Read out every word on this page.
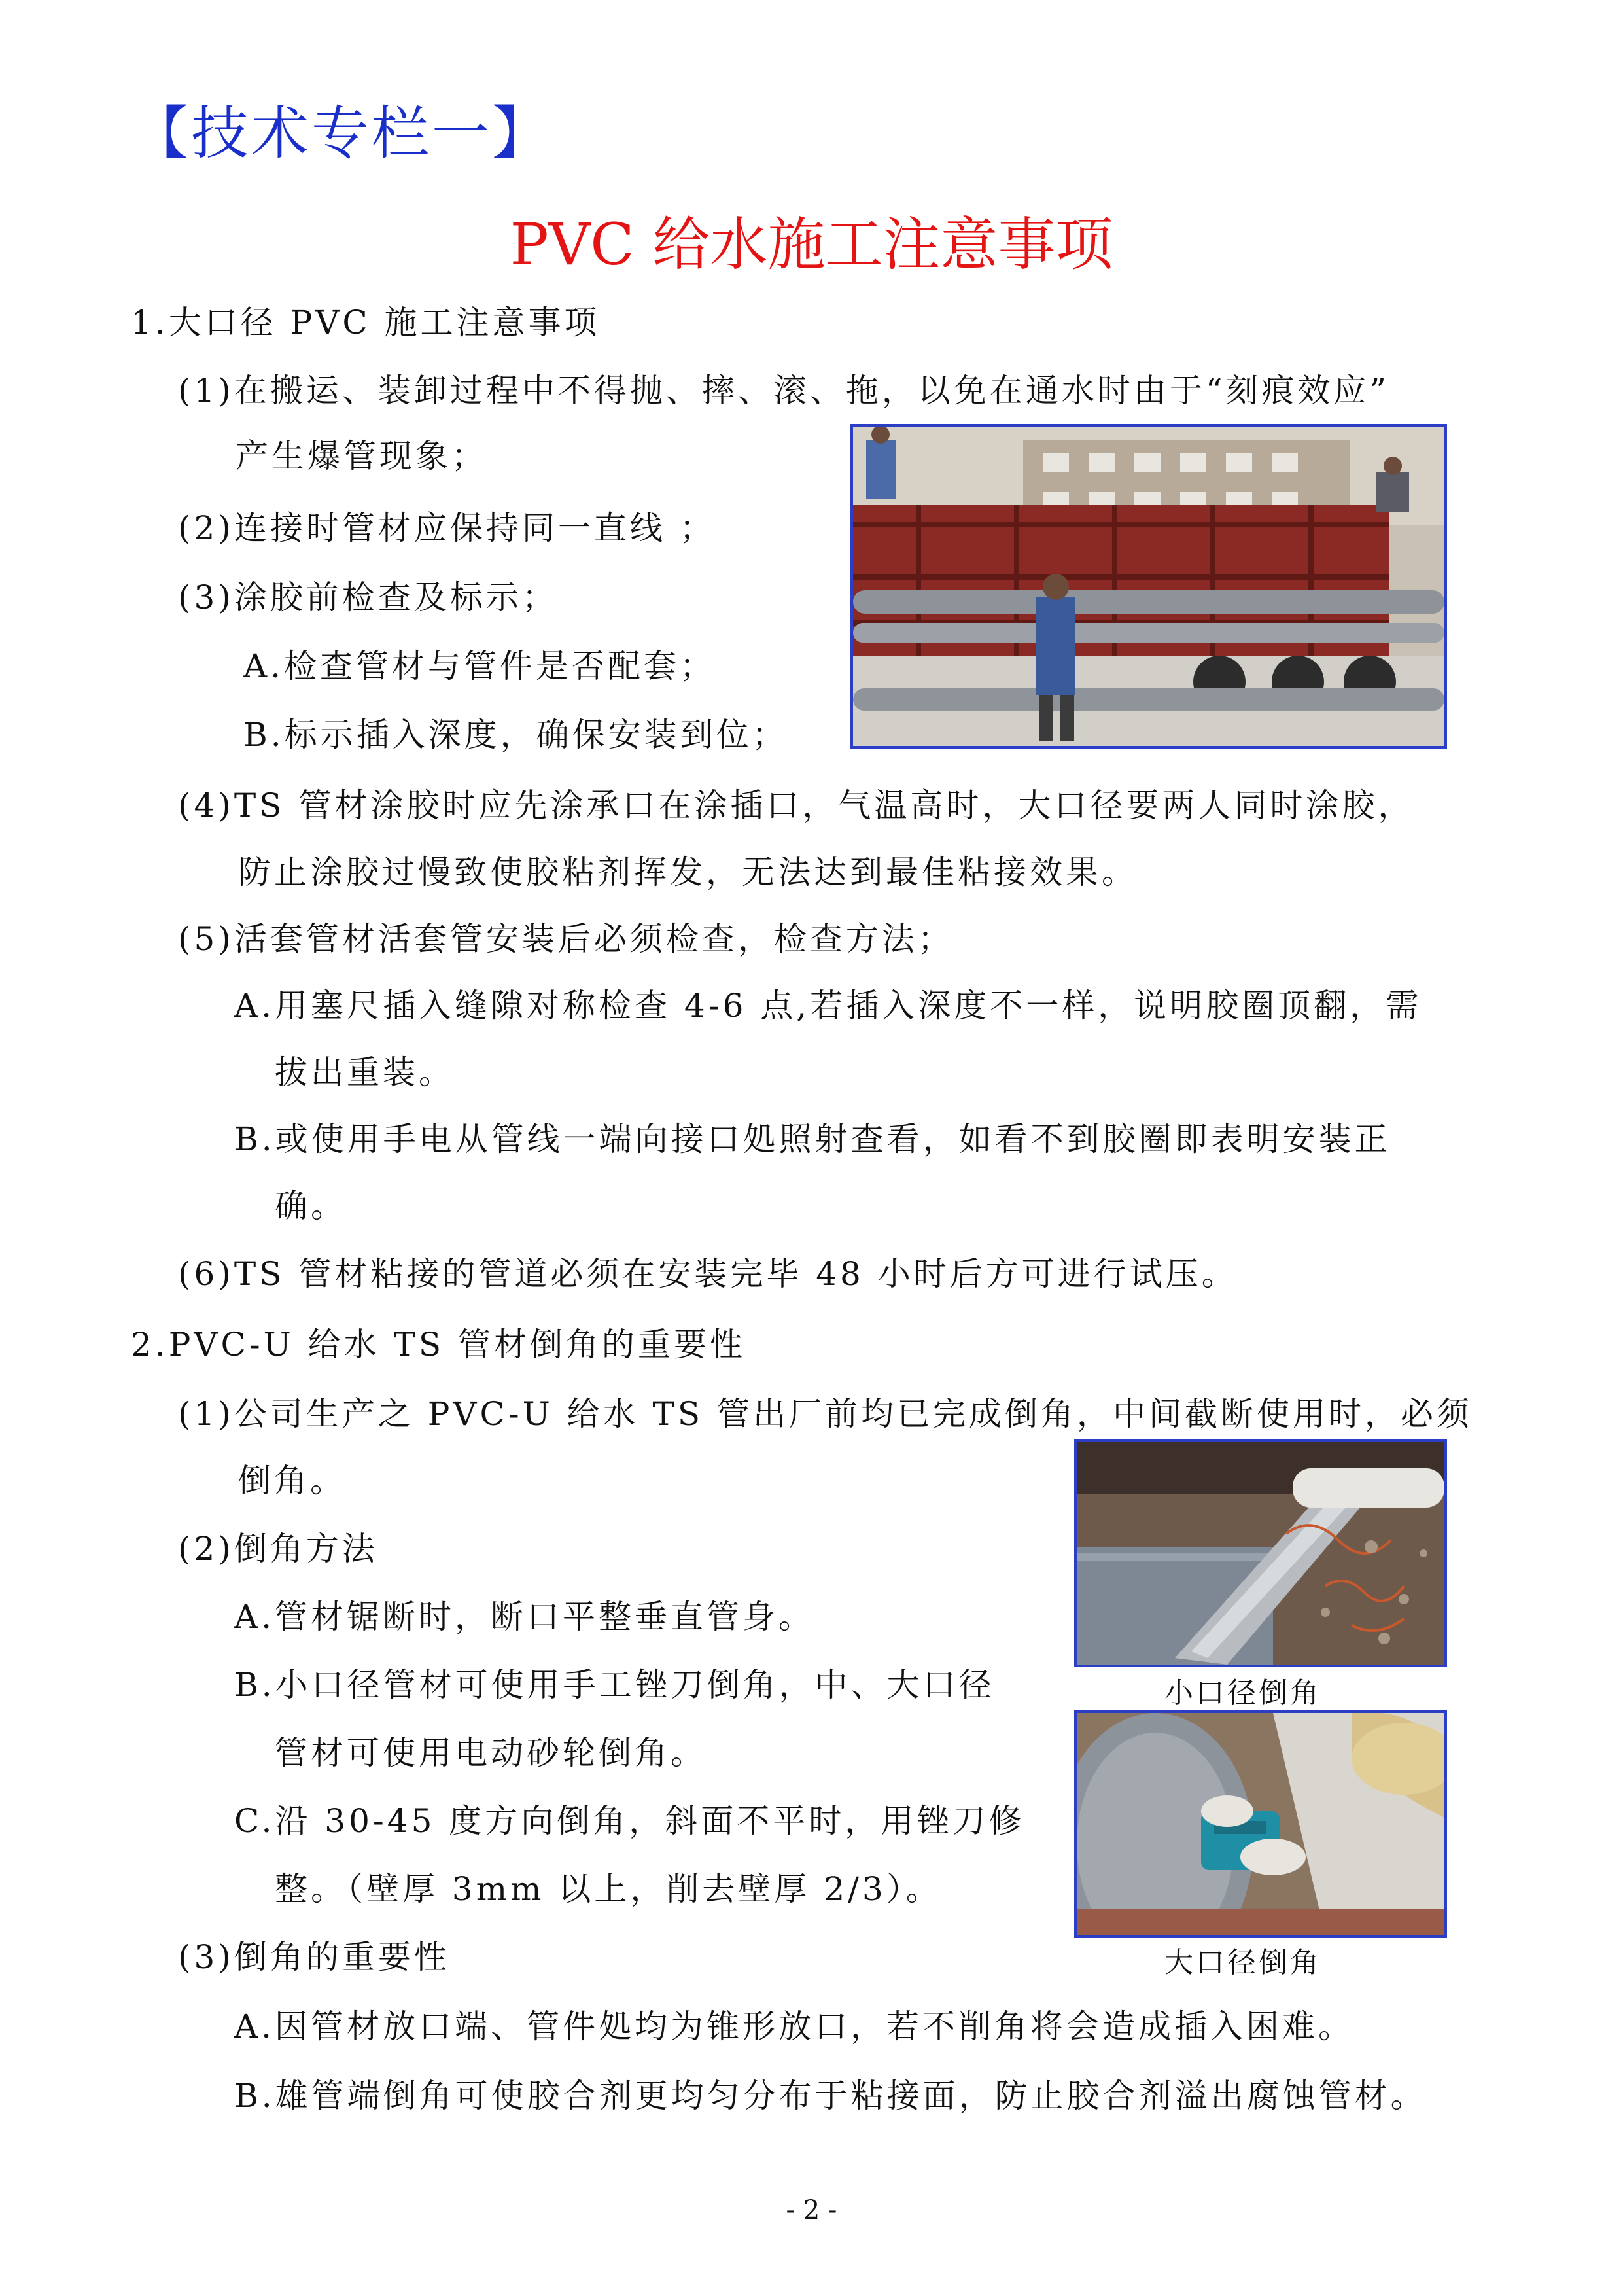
【技术专栏一】
PVC 给水施工注意事项
1.大口径 PVC 施工注意事项
(1)在搬运、装卸过程中不得抛、摔、滚、拖，以免在通水时由于“刻痕效应”
产生爆管现象；
(2)连接时管材应保持同一直线 ；
(3)涂胶前检查及标示；
A.检查管材与管件是否配套；
B.标示插入深度，确保安装到位；
(4)TS 管材涂胶时应先涂承口在涂插口，气温高时，大口径要两人同时涂胶，
防止涂胶过慢致使胶粘剂挥发，无法达到最佳粘接效果。
(5)活套管材活套管安装后必须检查，检查方法；
A.用塞尺插入缝隙对称检查 4-6 点,若插入深度不一样，说明胶圈顶翻，需
拔出重装。
B.或使用手电从管线一端向接口処照射查看，如看不到胶圈即表明安装正
确。
(6)TS 管材粘接的管道必须在安装完毕 48 小时后方可进行试压。
2.PVC-U 给水 TS 管材倒角的重要性
(1)公司生产之 PVC-U 给水 TS 管出厂前均已完成倒角，中间截断使用时，必须
倒角。
(2)倒角方法
A.管材锯断时，断口平整垂直管身。
B.小口径管材可使用手工锉刀倒角，中、大口径
管材可使用电动砂轮倒角。
C.沿 30-45 度方向倒角，斜面不平时，用锉刀修
整。（壁厚 3mm 以上，削去壁厚 2/3）。
(3)倒角的重要性
A.因管材放口端、管件処均为锥形放口，若不削角将会造成插入困难。
B.雄管端倒角可使胶合剂更均匀分布于粘接面，防止胶合剂溢出腐蚀管材。
小口径倒角
大口径倒角
- 2 -
